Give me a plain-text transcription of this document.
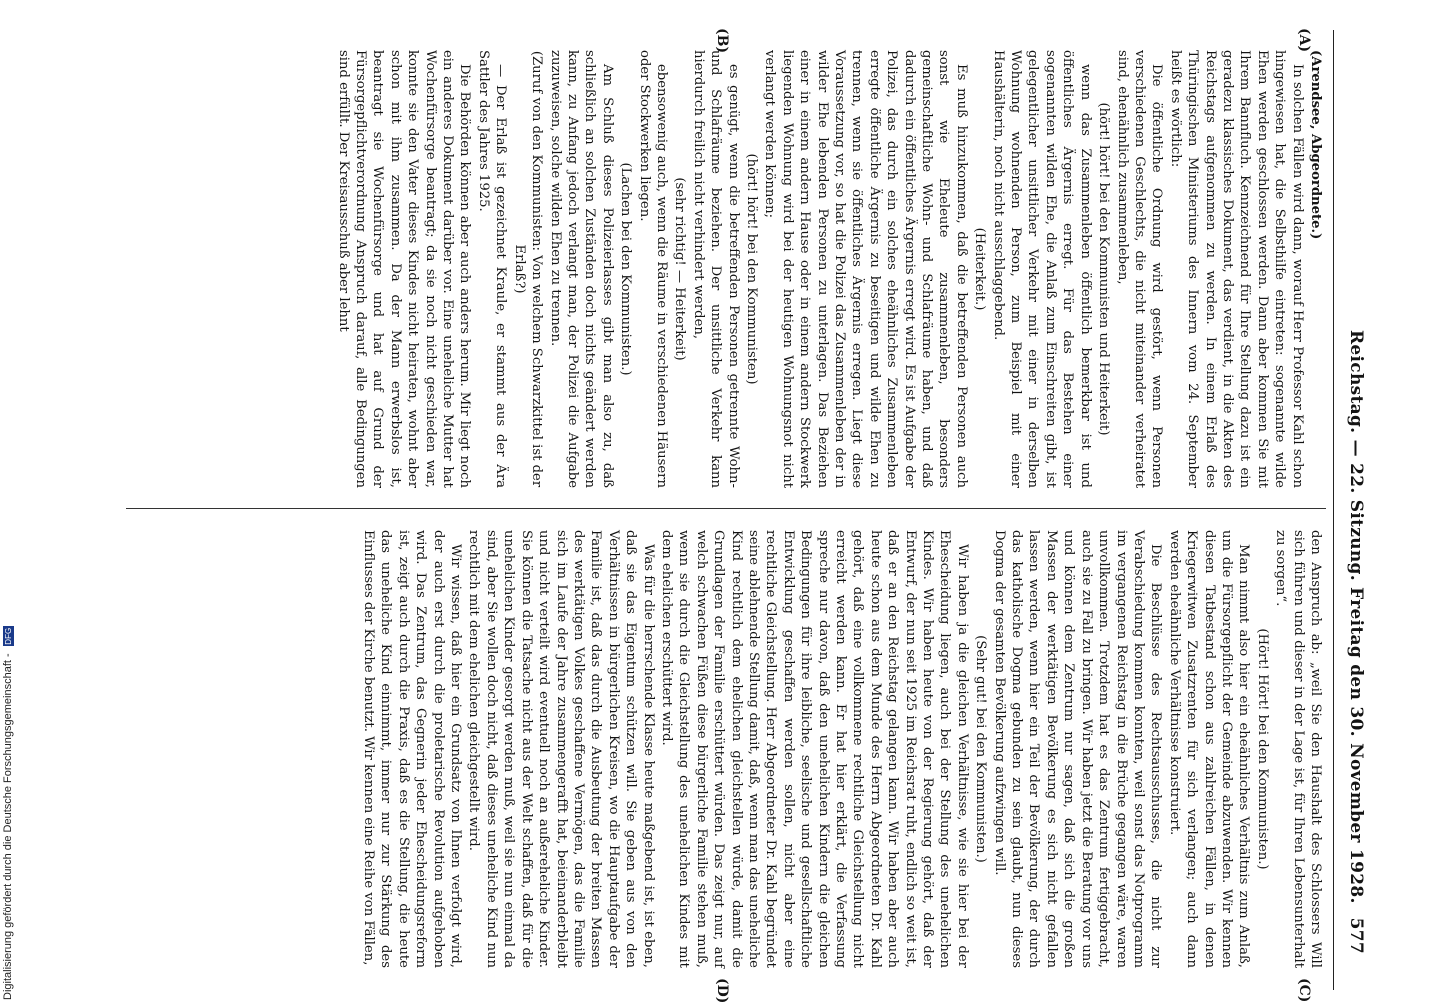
Reichstag. — 22. Sitzung. Freitag den 30. November 1928.
577
(A)
(B)
(C)
(D)

(Arendsee, Abgeordnete.)

In solchen Fällen wird dann, worauf Herr Professor Kahl schon hingewiesen hat, die Selbsthilfe eintreten: sogenannte wilde Ehen werden geschlossen werden. Dann aber kommen Sie mit Ihrem Bannfluch. Kennzeichnend für Ihre Stellung dazu ist ein geradezu klassisches Dokument, das verdient, in die Akten des Reichstags aufgenommen zu werden. In einem Erlaß des Thüringischen Ministeriums des Innern vom 24. September heißt es wörtlich:

Die öffentliche Ordnung wird gestört, wenn Personen verschiedenen Geschlechts, die nicht miteinander verheiratet sind, ehenähnlich zusammenleben,

(hört! hört! bei den Kommunisten und Heiterkeit)

wenn das Zusammenleben öffentlich bemerkbar ist und öffentliches Ärgernis erregt. Für das Bestehen einer sogenannten wilden Ehe, die Anlaß zum Einschreiten gibt, ist gelegentlicher unsittlicher Verkehr mit einer in derselben Wohnung wohnenden Person, zum Beispiel mit einer Haushälterin, noch nicht ausschlaggebend.

(Heiterkeit.)

Es muß hinzukommen, daß die betreffenden Personen auch sonst wie Eheleute zusammenleben, besonders gemeinschaftliche Wohn- und Schlafräume haben, und daß dadurch ein öffentliches Ärgernis erregt wird. Es ist Aufgabe der Polizei, das durch ein solches eheähnliches Zusammenleben erregte öffentliche Ärgernis zu beseitigen und wilde Ehen zu trennen, wenn sie öffentliches Ärgernis erregen. Liegt diese Voraussetzung vor, so hat die Polizei das Zusammenleben der in wilder Ehe lebenden Personen zu unterlagen. Das Beziehen einer in einem andern Hause oder in einem andern Stockwerk liegenden Wohnung wird bei der heutigen Wohnungsnot nicht verlangt werden können;

(hört! hört! bei den Kommunisten)

es genügt, wenn die betreffenden Personen getrennte Wohn- und Schlafräume beziehen. Der unsittliche Verkehr kann hierdurch freilich nicht verhindert werden,

(sehr richtig! — Heiterkeit)

ebensowenig auch, wenn die Räume in verschiedenen Häusern oder Stockwerken liegen.

(Lachen bei den Kommunisten.)

Am Schluß dieses Polizeierlasses gibt man also zu, daß schließlich an solchen Zuständen doch nichts geändert werden kann, zu Anfang jedoch verlangt man, der Polizei die Aufgabe zuzuweisen, solche wilden Ehen zu trennen.

(Zuruf von den Kommunisten: Von welchem Schwarzkittel ist der Erlaß?)

— Der Erlaß ist gezeichnet Kraule, er stammt aus der Ära Sattler des Jahres 1925.

Die Behörden können aber auch anders herum. Mir liegt noch ein anderes Dokument darüber vor. Eine uneheliche Mutter hat Wochenfürsorge beantragt; da sie noch nicht geschieden war, konnte sie den Vater dieses Kindes nicht heiraten, wohnt aber schon mit ihm zusammen. Da der Mann erwerbslos ist, beantragt sie Wochenfürsorge und hat auf Grund der Fürsorgepflichtverordnung Anspruch darauf, alle Bedingungen sind erfüllt. Der Kreisausschuß aber lehnt

den Anspruch ab: „weil Sie den Haushalt des Schlossers Will sich führen und dieser in der Lage ist, für Ihren Lebensunterhalt zu sorgen“.

(Hört! Hört! bei den Kommunisten.)

Man nimmt also hier ein eheähnliches Verhältnis zum Anlaß, um die Fürsorgepflicht der Gemeinde abzuwenden. Wir kennen diesen Tatbestand schon aus zahlreichen Fällen, in denen Kriegerwitwen Zusatzrenten für sich verlangen; auch dann werden eheähnliche Verhältnisse konstruiert.

Die Beschlüsse des Rechtsausschusses, die nicht zur Verabschiedung kommen konnten, weil sonst das Notprogramm im vergangenen Reichstag in die Brüche gegangen wäre, waren unvollkommen. Trotzdem hat es das Zentrum fertiggebracht, auch sie zu Fall zu bringen. Wir haben jetzt die Beratung vor uns und können dem Zentrum nur sagen, daß sich die großen Massen der werktätigen Bevölkerung es sich nicht gefallen lassen werden, wenn hier ein Teil der Bevölkerung, der durch das katholische Dogma gebunden zu sein glaubt, nun dieses Dogma der gesamten Bevölkerung aufzwingen will.

(Sehr gut! bei den Kommunisten.)

Wir haben ja die gleichen Verhältnisse, wie sie hier bei der Ehescheidung liegen, auch bei der Stellung des unehelichen Kindes. Wir haben heute von der Regierung gehört, daß der Entwurf, der nun seit 1925 im Reichsrat ruht, endlich so weit ist, daß er an den Reichstag gelangen kann. Wir haben aber auch heute schon aus dem Munde des Herrn Abgeordneten Dr. Kahl gehört, daß eine vollkommene rechtliche Gleichstellung nicht erreicht werden kann. Er hat hier erklärt, die Verfassung spreche nur davon, daß den unehelichen Kindern die gleichen Bedingungen für ihre leibliche, seelische und gesellschaftliche Entwicklung geschaffen werden sollen, nicht aber eine rechtliche Gleichstellung. Herr Abgeordneter Dr. Kahl begründet seine ablehnende Stellung damit, daß, wenn man das uneheliche Kind rechtlich dem ehelichen gleichstellen würde, damit die Grundlagen der Familie erschüttert würden. Das zeigt nur, auf welch schwachen Füßen diese bürgerliche Familie stehen muß, wenn sie durch die Gleichstellung des unehelichen Kindes mit dem ehelichen erschüttert wird.

Was für die herrschende Klasse heute maßgebend ist, ist eben, daß sie das Eigentum schützen will. Sie geben aus von den Verhältnissen in bürgerlichen Kreisen, wo die Hauptaufgabe der Familie ist, daß das durch die Ausbeutung der breiten Massen des werktätigen Volkes geschaffene Vermögen, das die Familie sich im Laufe der Jahre zusammengerafft hat, beieinanderbleibt und nicht verteilt wird eventuell noch an außereheliche Kinder. Sie können die Tatsache nicht aus der Welt schaffen, daß für die unehelichen Kinder gesorgt werden muß, weil sie nun einmal da sind, aber Sie wollen doch nicht, daß dieses uneheliche Kind nun rechtlich mit dem ehelichen gleichgestellt wird.

Wir wissen, daß hier ein Grundsatz von Ihnen verfolgt wird, der auch erst durch die proletarische Revolution aufgehoben wird. Das Zentrum, das Gegnerin jeder Ehescheidungsreform ist, zeigt auch durch die Praxis, daß es die Stellung, die heute das uneheliche Kind einnimmt, immer nur zur Stärkung des Einflusses der Kirche benutzt. Wir kennen eine Reihe von Fällen,

Digitalisierung gefördert durch die Deutsche Forschungsgemeinschaft - DFG
